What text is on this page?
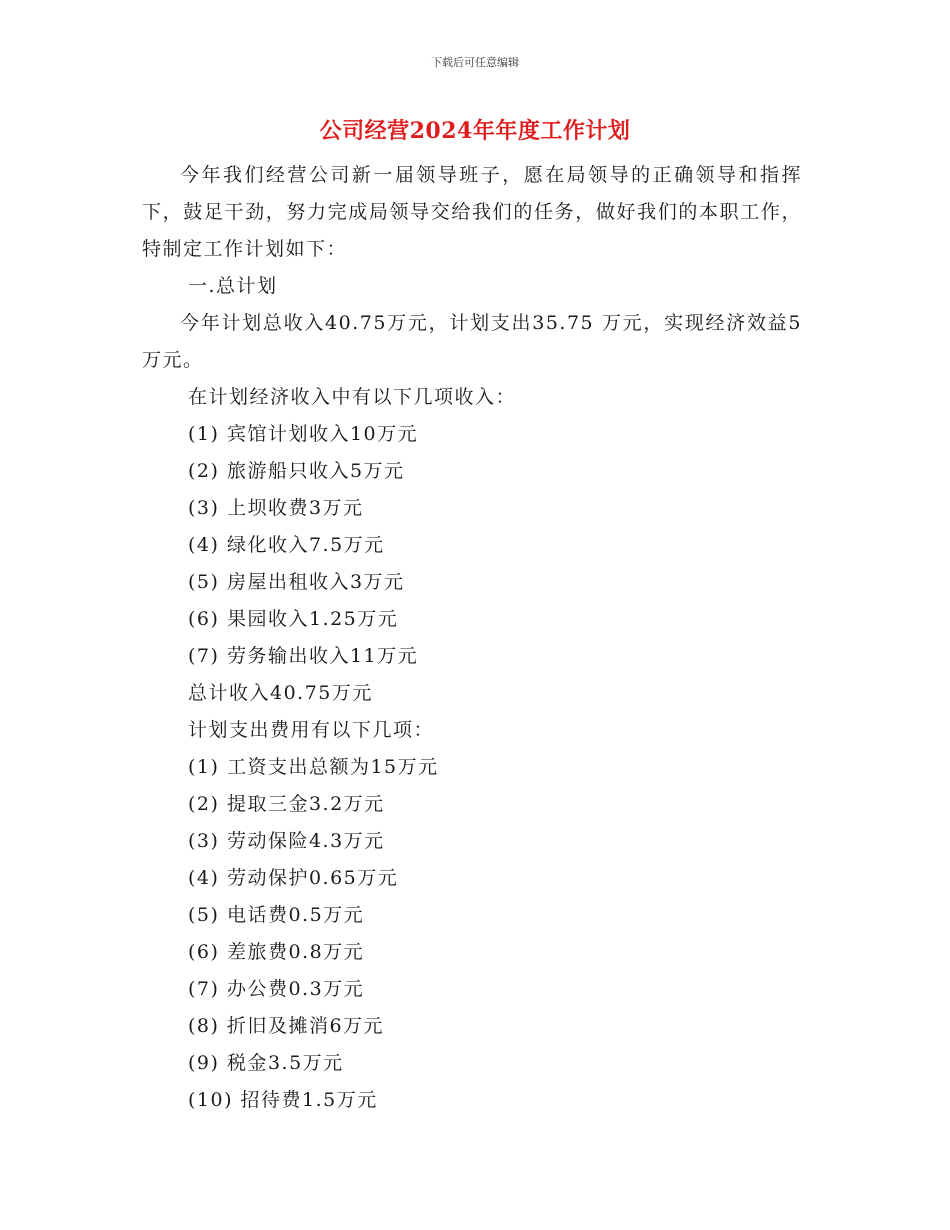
下载后可任意编辑
公司经营2024年年度工作计划

今年我们经营公司新一届领导班子，愿在局领导的正确领导和指挥下，鼓足干劲，努力完成局领导交给我们的任务，做好我们的本职工作，特制定工作计划如下：

一.总计划

今年计划总收入40.75万元，计划支出35.75 万元，实现经济效益5万元。

在计划经济收入中有以下几项收入：

(1) 宾馆计划收入10万元

(2) 旅游船只收入5万元

(3) 上坝收费3万元

(4) 绿化收入7.5万元

(5) 房屋出租收入3万元

(6) 果园收入1.25万元

(7) 劳务输出收入11万元

总计收入40.75万元

计划支出费用有以下几项：

(1) 工资支出总额为15万元

(2) 提取三金3.2万元

(3) 劳动保险4.3万元

(4) 劳动保护0.65万元

(5) 电话费0.5万元

(6) 差旅费0.8万元

(7) 办公费0.3万元

(8) 折旧及摊消6万元

(9) 税金3.5万元

(10) 招待费1.5万元
